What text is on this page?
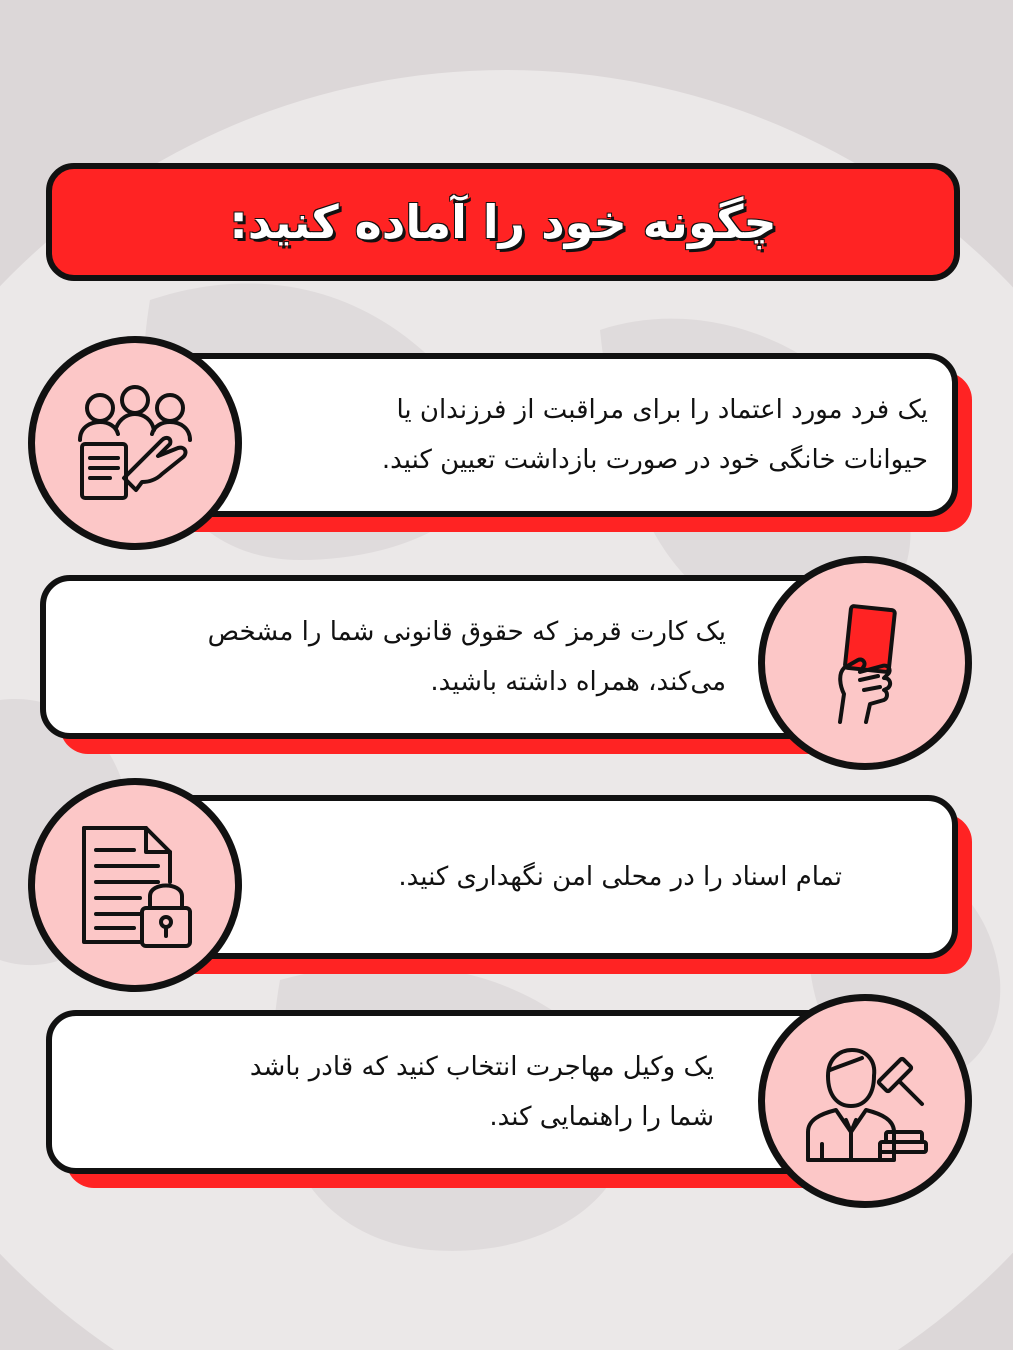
چگونه خود را آماده کنید:
یک فرد مورد اعتماد را برای مراقبت از فرزندان یا
حیوانات خانگی خود در صورت بازداشت تعیین کنید.
یک کارت قرمز که حقوق قانونی شما را مشخص
می‌کند، همراه داشته باشید.
تمام اسناد را در محلی امن نگهداری کنید.
یک وکیل مهاجرت انتخاب کنید که قادر باشد
شما را راهنمایی کند.
